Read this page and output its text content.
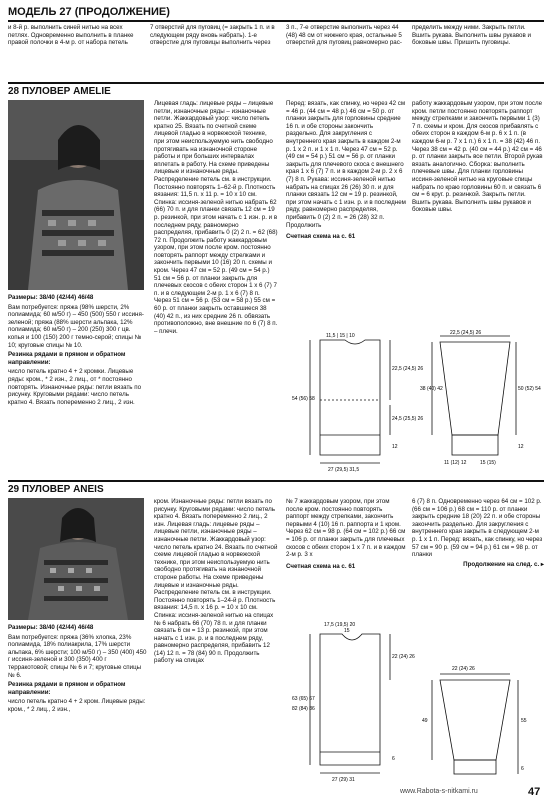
МОДЕЛЬ 27 (ПРОДОЛЖЕНИЕ)

и 8-й р. выполнить синей нитью на всех петлях. Одновременно выполнить в планке правой полочки в 4-м р. от набора петель

7 отверстий для пуговиц (= закрыть 1 п. и в следующем ряду вновь набрать). 1-е отверстие для пуговицы выполнить через

3 п., 7-е отверстие выполнить через 44 (48) 48 см от нижнего края, остальные 5 отверстий для пуговиц равномерно рас-

пределить между ними. Закрыть петли. Вшить рукава. Выполнить швы рукавов и боковые швы. Пришить пуговицы.

28 ПУЛОВЕР AMELIE

Размеры: 38/40 (42/44) 46/48

Вам потребуется: пряжа (98% шерсти, 2% полиамида; 60 м/50 г) – 450 (500) 550 г иссиня-зеленой; пряжа (88% шерсти альпака, 12% полиамида; 60 м/50 г) – 200 (250) 300 г цв. копья и 100 (150) 200 г темно-серой; спицы № 10; круговые спицы № 10.

Резинка рядами в прямом и обратном направлении:

число петель кратно 4 + 2 кромки. Лицевые ряды: кром., * 2 изн., 2 лиц., от * постоянно повторять. Изнаночные ряды: петли вязать по рисунку. Круговыми рядами: число петель кратно 4. Вязать попеременно 2 лиц., 2 изн.

Лицевая гладь: лицевые ряды – лицевые петли, изнаночные ряды – изнаночные петли. Жаккардовый узор: число петель кратно 25. Вязать по счетной схеме лицевой гладью в норвежской технике, при этом неиспользуемую нить свободно протягивать на изнаночной стороне работы и при больших интервалах вплетать в работу. На схеме приведены лицевые и изнаночные ряды. Распределение петель см. в инструкции. Постоянно повторять 1–62-й р. Плотность вязания: 11,5 п. x 11 р. = 10 x 10 см. Спинка: иссиня-зеленой нитью набрать 62 (66) 70 п. и для планки связать 12 см = 19 р. резинкой, при этом начать с 1 изн. р. и в последнем ряду, равномерно распределяя, прибавить 0 (2) 2 п. = 62 (68) 72 п. Продолжить работу жаккардовым узором, при этом после кром. постоянно повторять раппорт между стрелками и закончить первыми 10 (16) 20 п. схемы и кром. Через 47 см = 52 р. (49 см = 54 р.) 51 см = 56 р. от планки закрыть для плечевых скосов с обеих сторон 1 x 6 (7) 7 п. и в следующем 2-м р. 1 x 6 (7) 8 п. Через 51 см = 56 р. (53 см = 58 р.) 55 см = 60 р. от планки закрыть оставшиеся 38 (40) 42 п., из них средние 26 п. обвязать противоположно, вне внешние по 6 (7) 8 п. – плечи.

Перед: вязать, как спинку, но через 42 см = 46 р. (44 см = 48 р.) 46 см = 50 р. от планки закрыть для горловины средние 16 п. и обе стороны закончить раздельно. Для закругления с внутреннего края закрыть в каждом 2-м р. 1 x 2 п. и 1 x 1 п. Через 47 см = 52 р. (49 см = 54 р.) 51 см = 56 р. от планки закрыть для плечевого скоса с внешнего края 1 x 6 (7) 7 п. и в каждом 2-м р. 2 x 6 (7) 8 п. Рукава: иссиня-зеленой нитью набрать на спицах 26 (26) 30 п. и для планки связать 12 см = 19 р. резинкой, при этом начать с 1 изн. р. и в последнем ряду, равномерно распределяя, прибавить 0 (2) 2 п. = 26 (28) 32 п. Продолжить

Счетная схема на с. 61

работу жаккардовым узором, при этом после кром. петли постоянно повторять раппорт между стрелками и закончить первыми 1 (3) 7 п. схемы и кром. Для скосов прибавлять с обеих сторон в каждом 6-м р. 6 x 1 п. (в каждом 6-м р. 7 x 1 п.) 6 x 1 п. = 38 (42) 46 п. Через 38 см = 42 р. (40 см = 44 р.) 42 см = 46 р. от планки закрыть все петли. Второй рукав вязать аналогично. Сборка: выполнить плечевые швы. Для планки горловины иссиня-зеленой нитью на круговые спицы набрать по краю горловины 60 п. и связать 6 см = 6 круг. р. резинкой. Закрыть петли. Вшить рукава. Выполнить швы рукавов и боковые швы.

11,5 | 15 | 10
22,5 (24,5) 26
54 (56) 58
24,5 (25,5) 26
12
27 (29,5) 31,5
22,5 (24,5) 26
38 (40) 42	50 (52) 54
12
11 (12) 12	15 (15)
29 ПУЛОВЕР ANEIS

Размеры: 38/40 (42/44) 46/48

Вам потребуется: пряжа (36% хлопка, 23% полиамида, 18% полиакрила, 17% шерсти альпака, 6% шерсти; 100 м/50 г) – 350 (400) 450 г иссиня-зеленой и 300 (350) 400 г терракотовой; спицы № 6 и 7; круговые спицы № 6.

Резинка рядами в прямом и обратном направлении:

число петель кратно 4 + 2 кром. Лицевые ряды: кром., * 2 лиц., 2 изн.,

кром. Изнаночные ряды: петли вязать по рисунку. Круговыми рядами: число петель кратно 4. Вязать попеременно 2 лиц., 2 изн. Лицевая гладь: лицевые ряды – лицевые петли, изнаночные ряды – изнаночные петли. Жаккардовый узор: число петель кратно 24. Вязать по счетной схеме лицевой гладью в норвежской технике, при этом неиспользуемую нить свободно протягивать на изнаночной стороне работы. На схеме приведены лицевые и изнаночные ряды. Распределение петель см. в инструкции. Постоянно повторять 1–24-й р. Плотность вязания: 14,5 п. x 16 р. = 10 x 10 см. Спинка: иссиня-зеленой нитью на спицах № 6 набрать 66 (70) 78 п. и для планки связать 6 см = 13 р. резинкой, при этом начать с 1 изн. р. и в последнем ряду, равномерно распределяя, прибавить 12 (14) 12 п. = 78 (84) 90 п. Продолжить работу на спицах

№ 7 жаккардовым узором, при этом после кром. постоянно повторять раппорт между стрелками, закончить первыми 4 (10) 16 п. раппорта и 1 кром. Через 62 см = 98 р. (64 см = 102 р.) 66 см = 106 р. от планки закрыть для плечевых скосов с обеих сторон 1 x 7 п. и в каждом 2-м р. 3 x

Счетная схема на с. 61

6 (7) 8 п. Одновременно через 64 см = 102 р. (66 см = 106 р.) 68 см = 110 р. от планки закрыть средние 18 (20) 22 п. и обе стороны закончить раздельно. Для закругления с внутреннего края закрыть в следующем 2-м р. 1 x 1 п. Перед: вязать, как спинку, но через 57 см = 90 р. (59 см = 94 р.) 61 см = 98 р. от планки

Продолжение на след. с. ▸

17,5 (19,5) 20
15
22 (24) 26
63 (65) 67
82 (84) 86
6
27 (29) 31
22 (24) 26
49	55
6
www.Rabota-s-nitkami.ru	47
